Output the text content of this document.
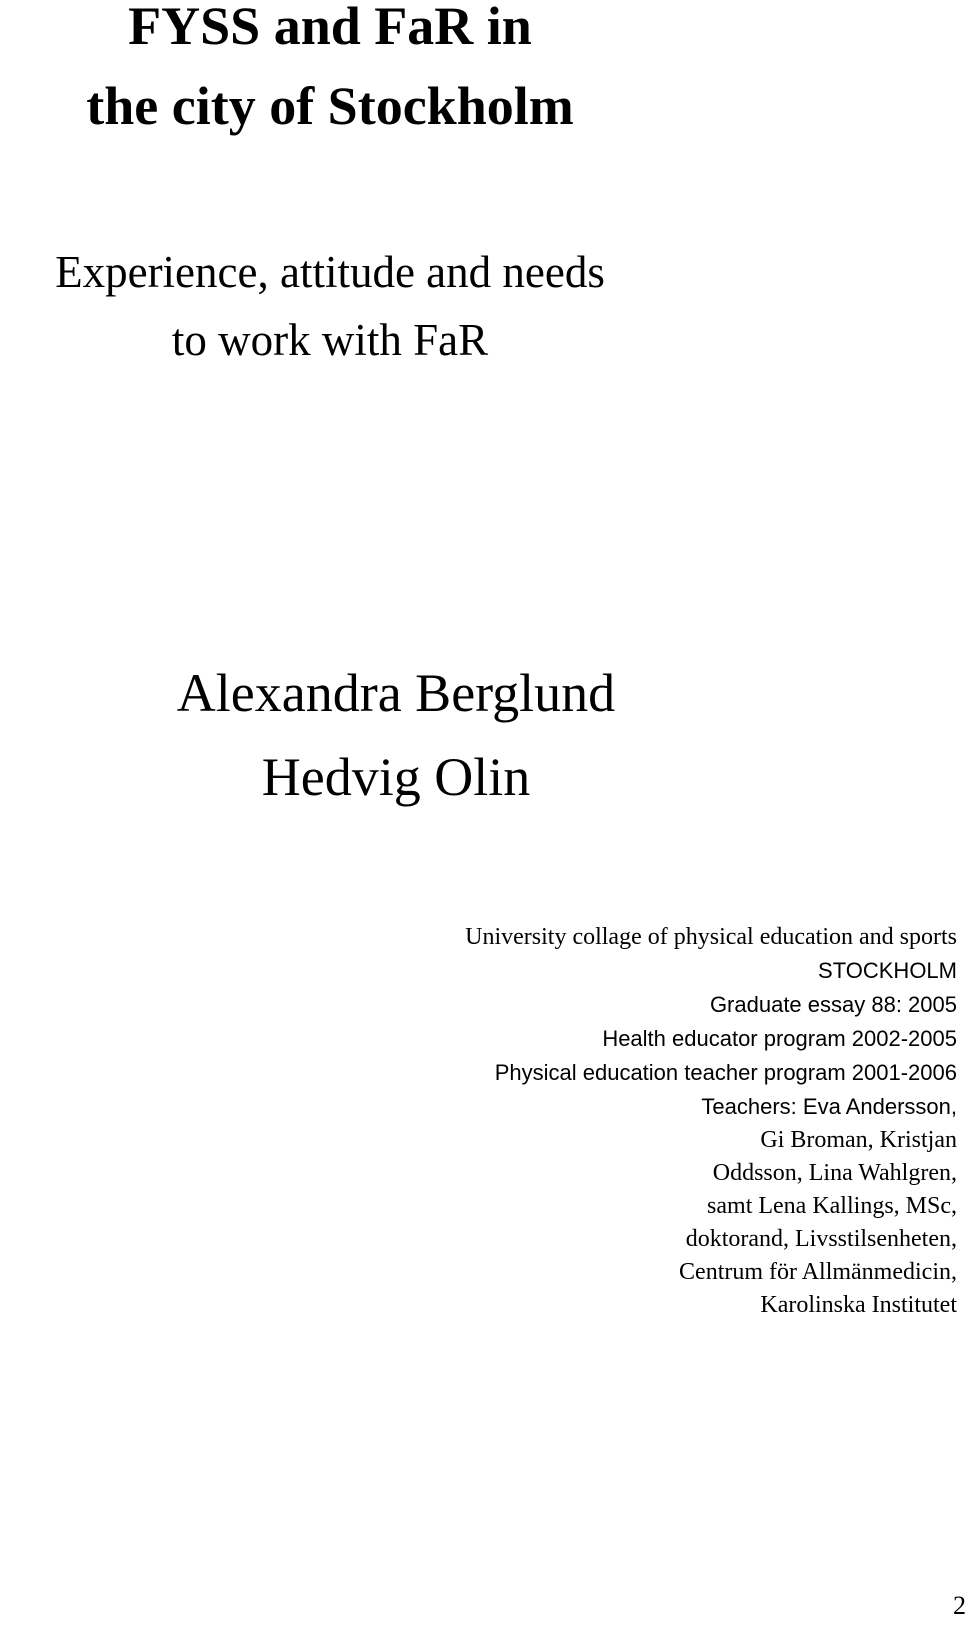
FYSS and FaR in
the city of Stockholm
Experience, attitude and needs
to work with FaR
Alexandra Berglund
Hedvig Olin
University collage of physical education and sports
STOCKHOLM
Graduate essay 88: 2005
Health educator program 2002-2005
Physical education teacher program 2001-2006
Teachers: Eva Andersson,
Gi Broman, Kristjan
Oddsson, Lina Wahlgren,
samt Lena Kallings, MSc,
doktorand, Livsstilsenheten,
Centrum för Allmänmedicin,
Karolinska Institutet
2
